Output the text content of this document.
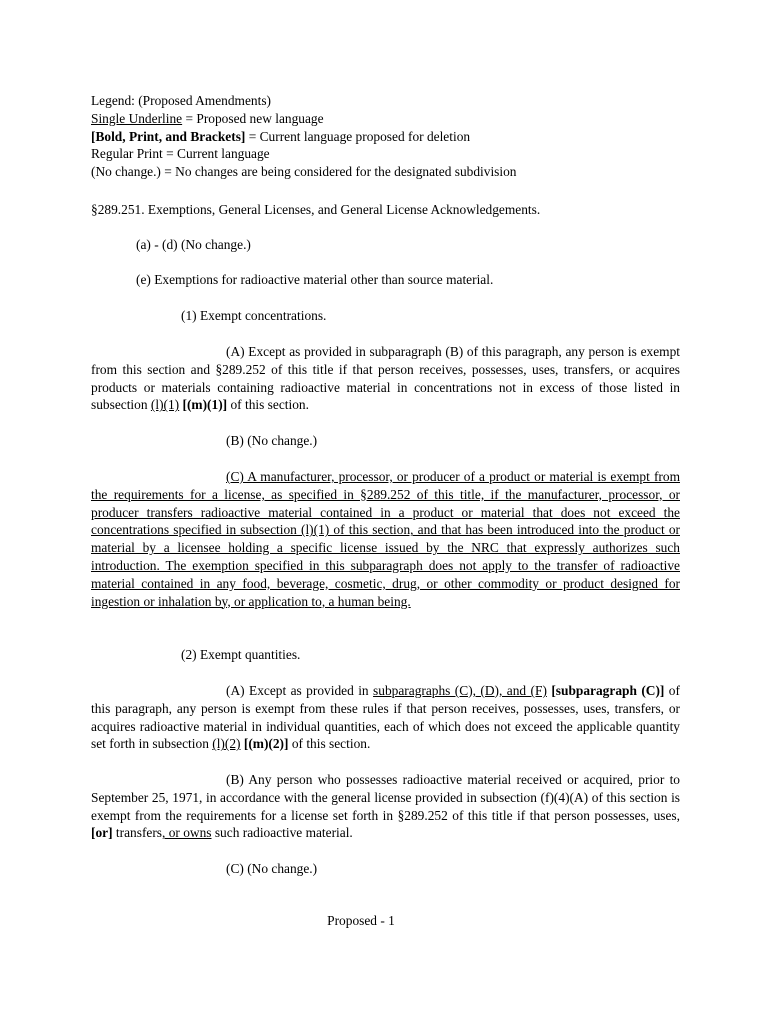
Legend: (Proposed Amendments)
Single Underline = Proposed new language
[Bold, Print, and Brackets] = Current language proposed for deletion
Regular Print = Current language
(No change.) = No changes are being considered for the designated subdivision
§289.251. Exemptions, General Licenses, and General License Acknowledgements.
(a) - (d) (No change.)
(e) Exemptions for radioactive material other than source material.
(1) Exempt concentrations.
(A) Except as provided in subparagraph (B) of this paragraph, any person is exempt from this section and §289.252 of this title if that person receives, possesses, uses, transfers, or acquires products or materials containing radioactive material in concentrations not in excess of those listed in subsection (l)(1) [(m)(1)] of this section.
(B) (No change.)
(C) A manufacturer, processor, or producer of a product or material is exempt from the requirements for a license, as specified in §289.252 of this title, if the manufacturer, processor, or producer transfers radioactive material contained in a product or material that does not exceed the concentrations specified in subsection (l)(1) of this section, and that has been introduced into the product or material by a licensee holding a specific license issued by the NRC that expressly authorizes such introduction. The exemption specified in this subparagraph does not apply to the transfer of radioactive material contained in any food, beverage, cosmetic, drug, or other commodity or product designed for ingestion or inhalation by, or application to, a human being.
(2) Exempt quantities.
(A) Except as provided in subparagraphs (C), (D), and (F) [subparagraph (C)] of this paragraph, any person is exempt from these rules if that person receives, possesses, uses, transfers, or acquires radioactive material in individual quantities, each of which does not exceed the applicable quantity set forth in subsection (l)(2) [(m)(2)] of this section.
(B) Any person who possesses radioactive material received or acquired, prior to September 25, 1971, in accordance with the general license provided in subsection (f)(4)(A) of this section is exempt from the requirements for a license set forth in §289.252 of this title if that person possesses, uses, [or] transfers, or owns such radioactive material.
(C) (No change.)
Proposed - 1
